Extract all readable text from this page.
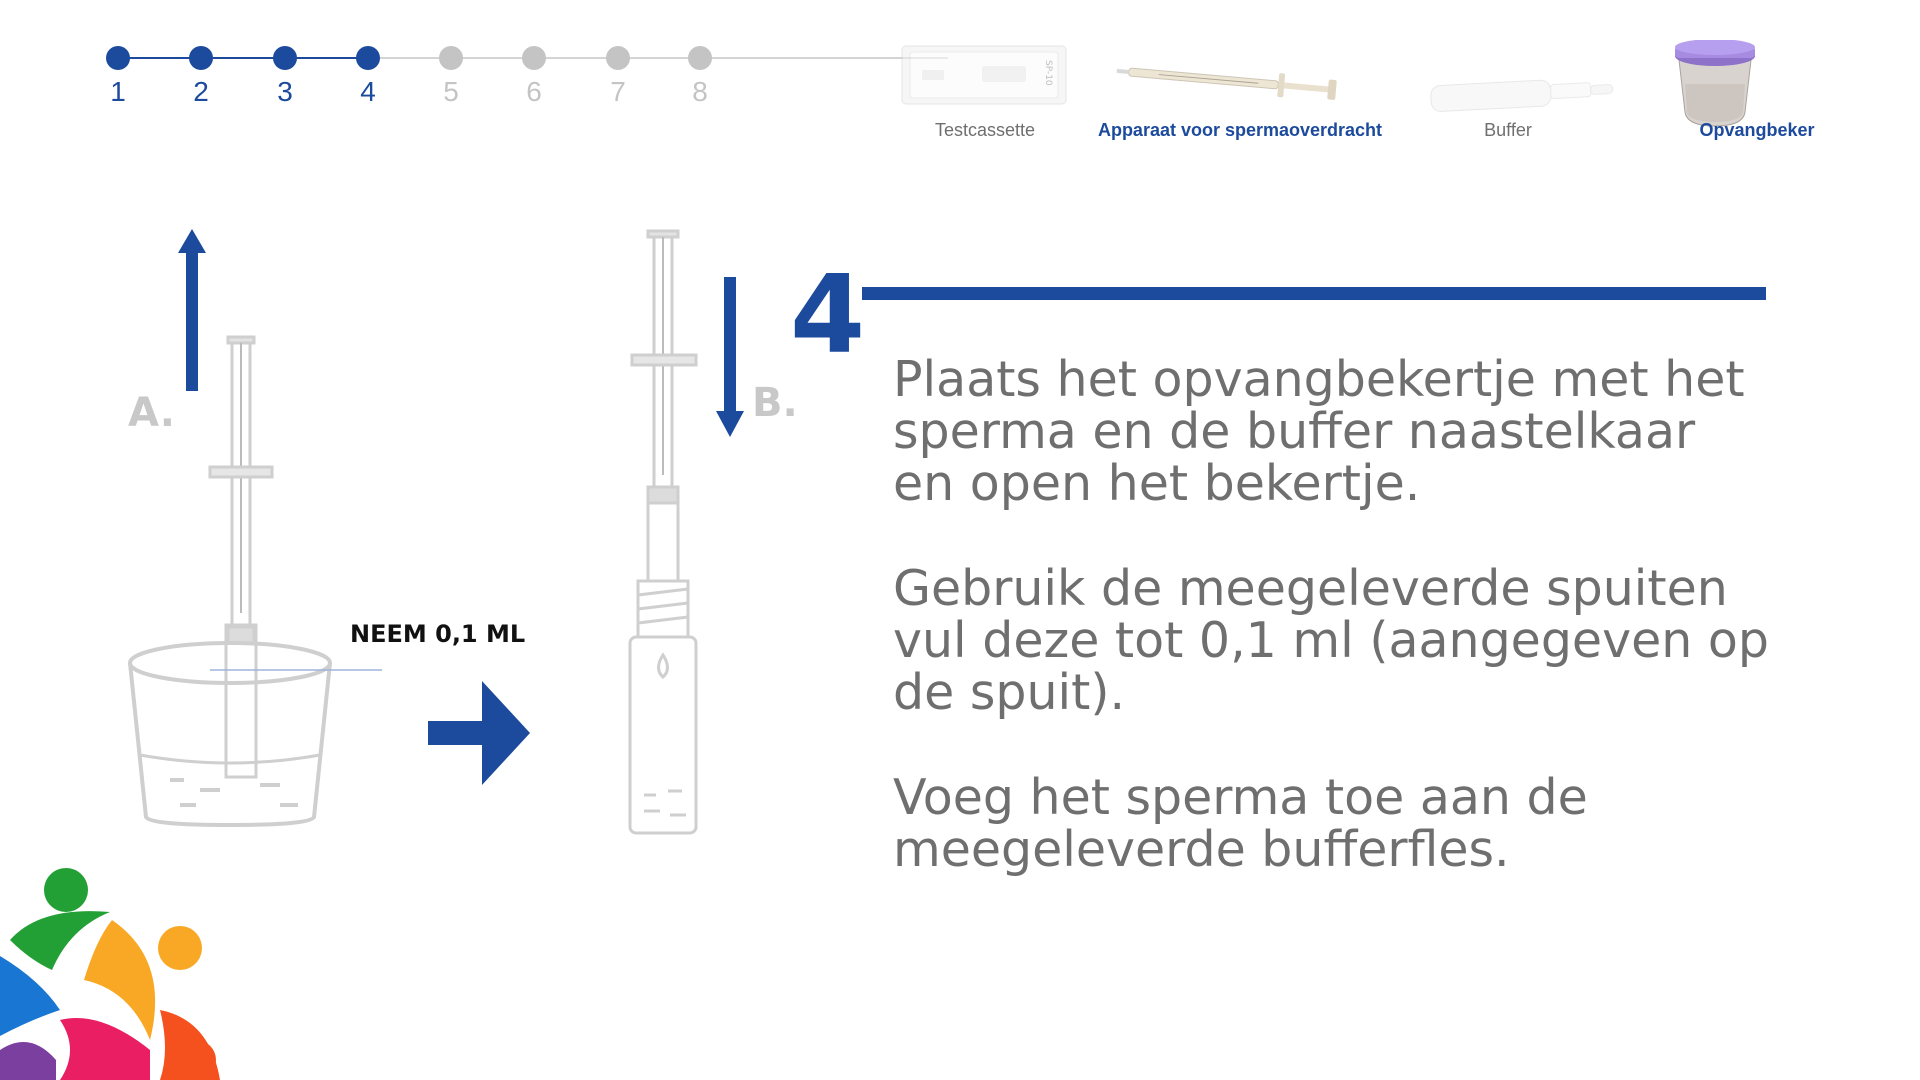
1	2	3	4	5	6	7	8
SP-10
Testcassette	Apparaat voor spermaoverdracht	Buffer	Opvangbeker
A.	B.
NEEM 0,1 ML
4
Plaats het opvangbekertje met het
sperma en de buffer naastelkaar
en open het bekertje.
Gebruik de meegeleverde spuiten
vul deze tot 0,1 ml (aangegeven op
de spuit).
Voeg het sperma toe aan de
meegeleverde bufferfles.
